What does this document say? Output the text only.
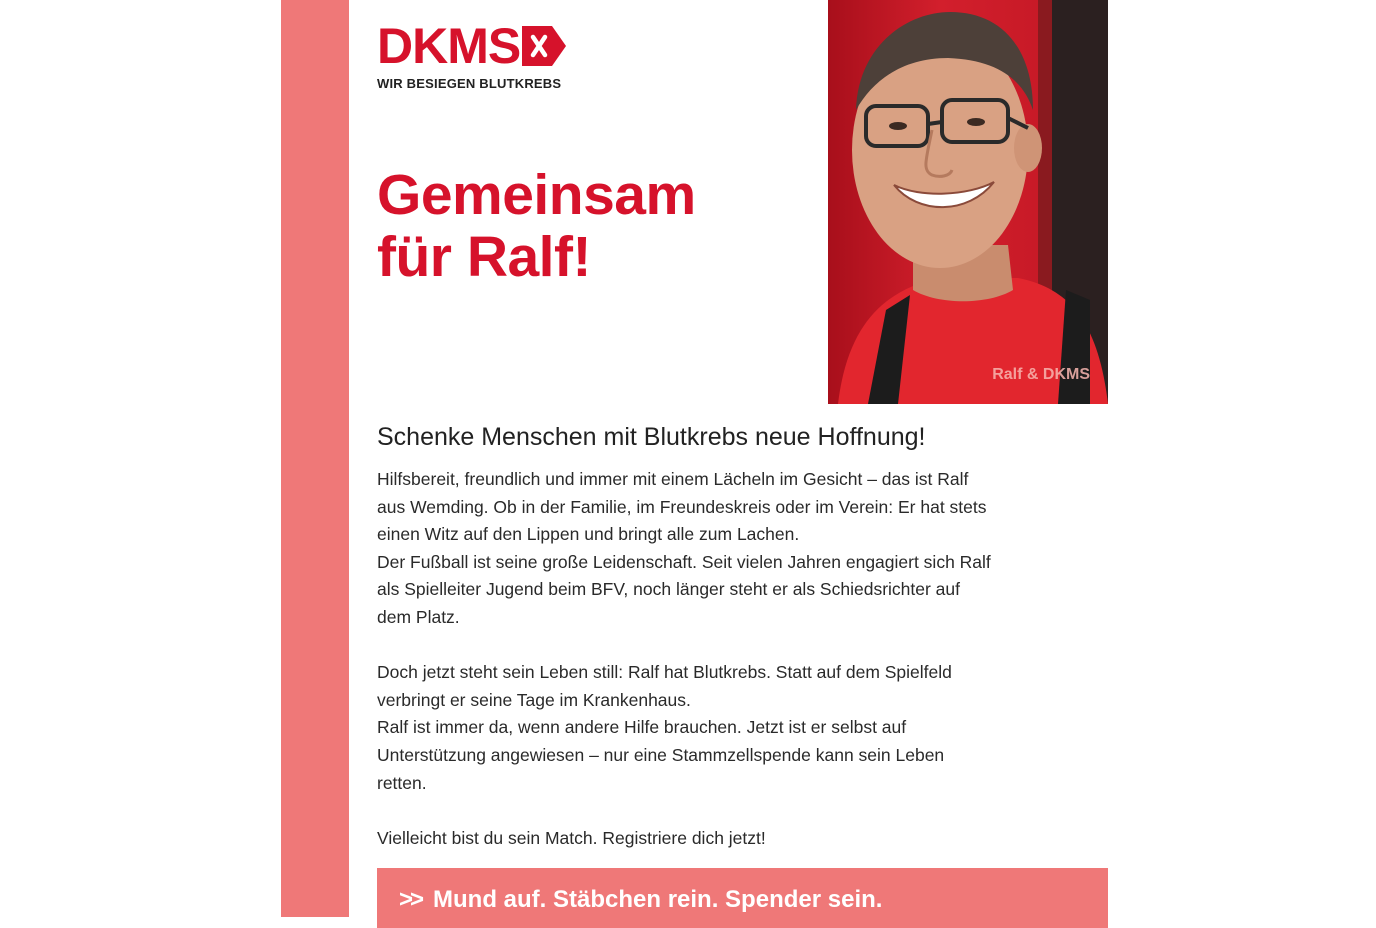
DKMS
WIR BESIEGEN BLUTKREBS
Gemeinsam
für Ralf!
Ralf & DKMS
Schenke Menschen mit Blutkrebs neue Hoffnung!

Hilfsbereit, freundlich und immer mit einem Lächeln im Gesicht – das ist Ralf

aus Wemding. Ob in der Familie, im Freundeskreis oder im Verein: Er hat stets

einen Witz auf den Lippen und bringt alle zum Lachen.

Der Fußball ist seine große Leidenschaft. Seit vielen Jahren engagiert sich Ralf

als Spielleiter Jugend beim BFV, noch länger steht er als Schiedsrichter auf

dem Platz.

Doch jetzt steht sein Leben still: Ralf hat Blutkrebs. Statt auf dem Spielfeld

verbringt er seine Tage im Krankenhaus.

Ralf ist immer da, wenn andere Hilfe brauchen. Jetzt ist er selbst auf

Unterstützung angewiesen – nur eine Stammzellspende kann sein Leben

retten.

Vielleicht bist du sein Match. Registriere dich jetzt!

>> Mund auf. Stäbchen rein. Spender sein.
